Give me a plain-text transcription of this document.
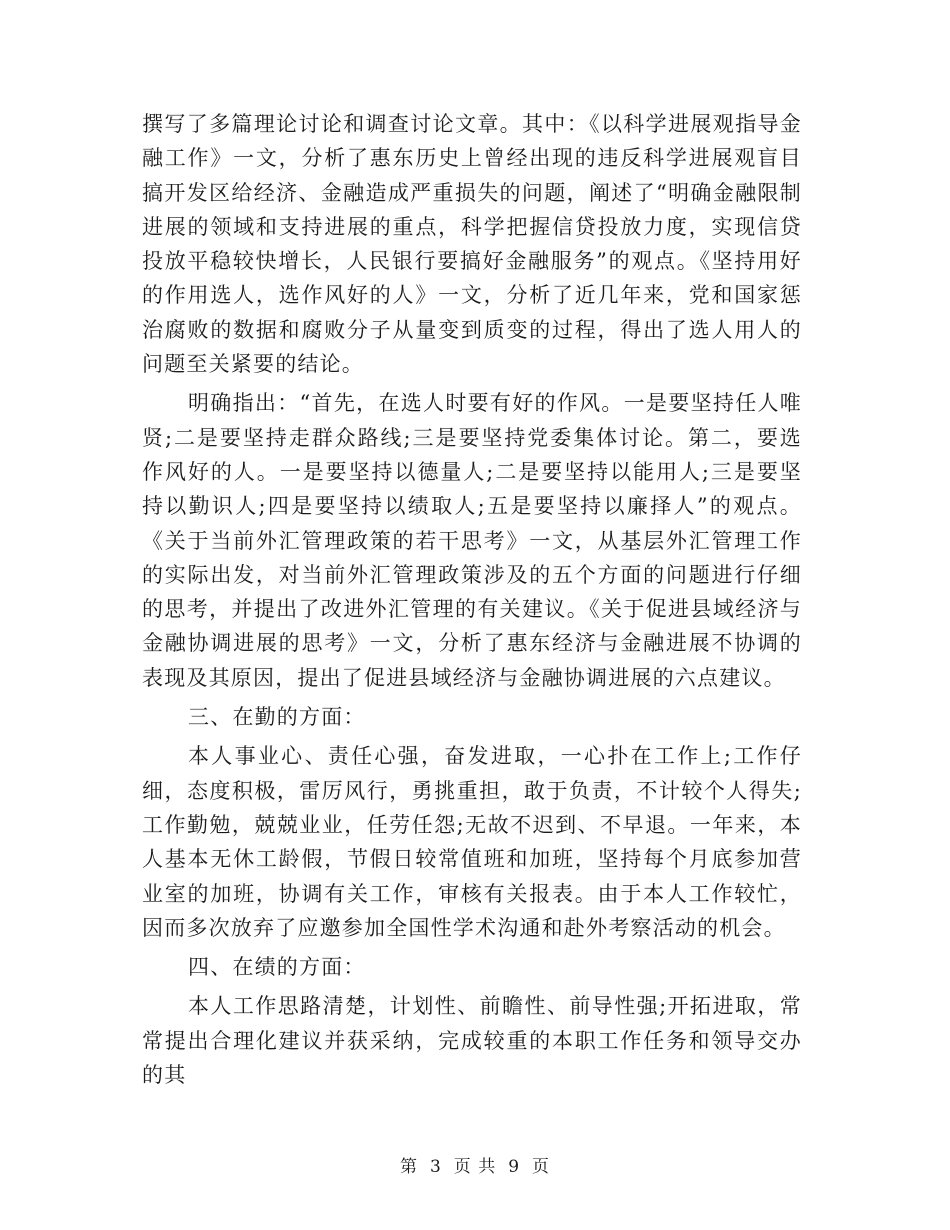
撰写了多篇理论讨论和调查讨论文章。其中：《以科学进展观指导金融工作》一文，分析了惠东历史上曾经出现的违反科学进展观盲目搞开发区给经济、金融造成严重损失的问题，阐述了“明确金融限制进展的领域和支持进展的重点，科学把握信贷投放力度，实现信贷投放平稳较快增长，人民银行要搞好金融服务”的观点。《坚持用好的作用选人，选作风好的人》一文，分析了近几年来，党和国家惩治腐败的数据和腐败分子从量变到质变的过程，得出了选人用人的问题至关紧要的结论。

明确指出：“首先，在选人时要有好的作风。一是要坚持任人唯贤;二是要坚持走群众路线;三是要坚持党委集体讨论。第二，要选作风好的人。一是要坚持以德量人;二是要坚持以能用人;三是要坚持以勤识人;四是要坚持以绩取人;五是要坚持以廉择人”的观点。《关于当前外汇管理政策的若干思考》一文，从基层外汇管理工作的实际出发，对当前外汇管理政策涉及的五个方面的问题进行仔细的思考，并提出了改进外汇管理的有关建议。《关于促进县域经济与金融协调进展的思考》一文，分析了惠东经济与金融进展不协调的表现及其原因，提出了促进县域经济与金融协调进展的六点建议。

三、在勤的方面：

本人事业心、责任心强，奋发进取，一心扑在工作上;工作仔细，态度积极，雷厉风行，勇挑重担，敢于负责，不计较个人得失;工作勤勉，兢兢业业，任劳任怨;无故不迟到、不早退。一年来，本人基本无休工龄假，节假日较常值班和加班，坚持每个月底参加营业室的加班，协调有关工作，审核有关报表。由于本人工作较忙，因而多次放弃了应邀参加全国性学术沟通和赴外考察活动的机会。

四、在绩的方面：

本人工作思路清楚，计划性、前瞻性、前导性强;开拓进取，常常提出合理化建议并获采纳，完成较重的本职工作任务和领导交办的其

第 3 页 共 9 页
